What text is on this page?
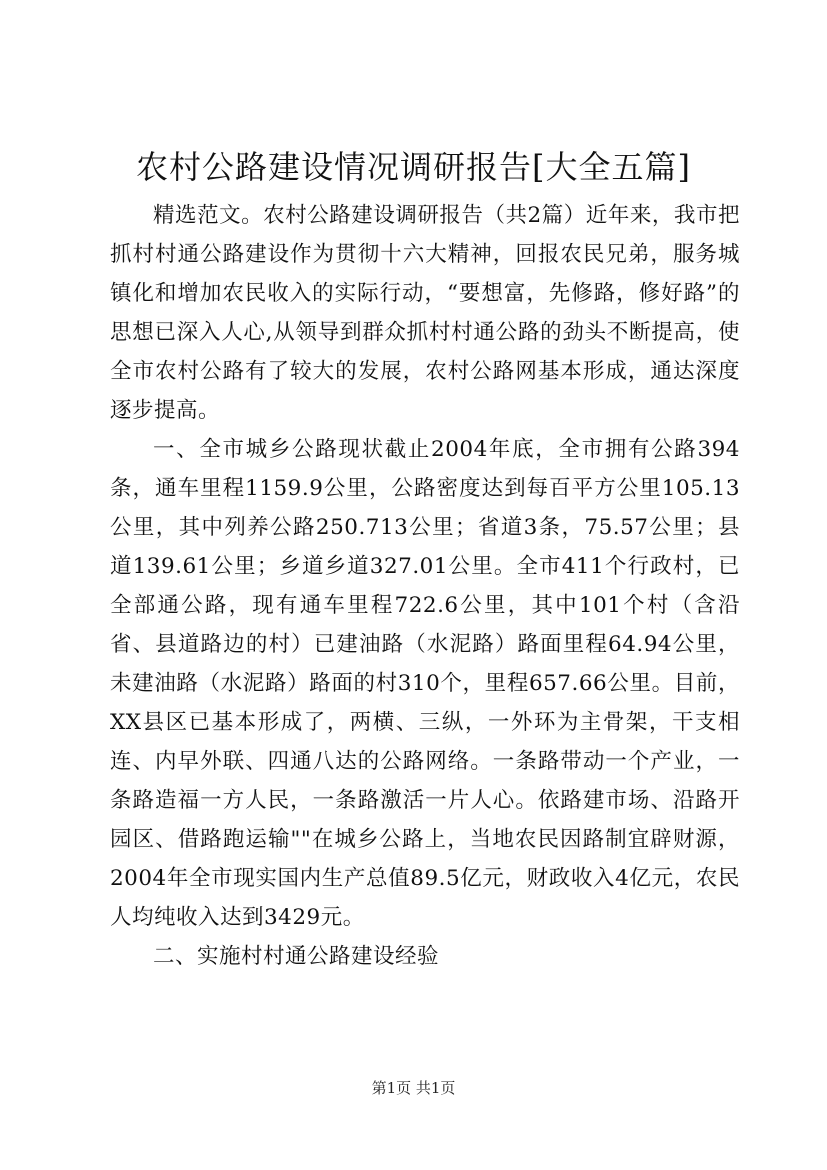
农村公路建设情况调研报告[大全五篇]

精选范文。农村公路建设调研报告（共2篇）近年来，我市把抓村村通公路建设作为贯彻十六大精神，回报农民兄弟，服务城镇化和增加农民收入的实际行动，“要想富，先修路，修好路”的思想已深入人心,从领导到群众抓村村通公路的劲头不断提高，使全市农村公路有了较大的发展，农村公路网基本形成，通达深度逐步提高。

一、全市城乡公路现状截止2004年底，全市拥有公路394条，通车里程1159.9公里，公路密度达到每百平方公里105.13公里，其中列养公路250.713公里；省道3条，75.57公里；县道139.61公里；乡道乡道327.01公里。全市411个行政村，已全部通公路，现有通车里程722.6公里，其中101个村（含沿省、县道路边的村）已建油路（水泥路）路面里程64.94公里，未建油路（水泥路）路面的村310个，里程657.66公里。目前，XX县区已基本形成了，两横、三纵，一外环为主骨架，干支相连、内早外联、四通八达的公路网络。一条路带动一个产业，一条路造福一方人民，一条路激活一片人心。依路建市场、沿路开园区、借路跑运输""在城乡公路上，当地农民因路制宜辟财源，2004年全市现实国内生产总值89.5亿元，财政收入4亿元，农民人均纯收入达到3429元。

二、实施村村通公路建设经验

第1页 共1页
